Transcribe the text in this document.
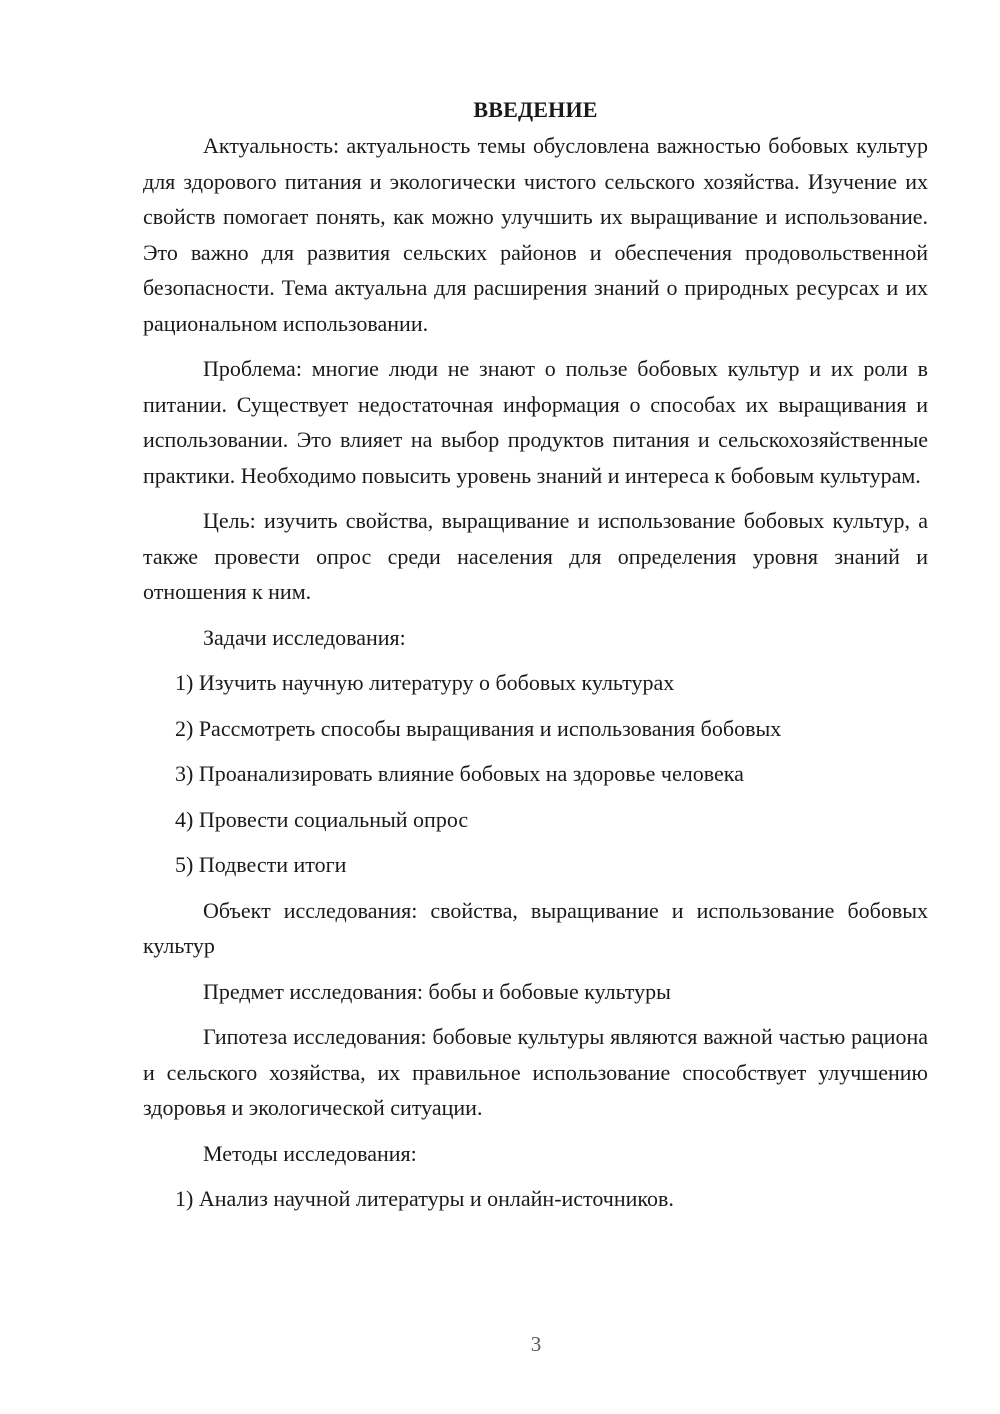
ВВЕДЕНИЕ

Актуальность: актуальность темы обусловлена важностью бобовых культур для здорового питания и экологически чистого сельского хозяйства. Изучение их свойств помогает понять, как можно улучшить их выращивание и использование. Это важно для развития сельских районов и обеспечения продовольственной безопасности. Тема актуальна для расширения знаний о природных ресурсах и их рациональном использовании.

Проблема: многие люди не знают о пользе бобовых культур и их роли в питании. Существует недостаточная информация о способах их выращивания и использовании. Это влияет на выбор продуктов питания и сельскохозяйственные практики. Необходимо повысить уровень знаний и интереса к бобовым культурам.

Цель: изучить свойства, выращивание и использование бобовых культур, а также провести опрос среди населения для определения уровня знаний и отношения к ним.

Задачи исследования:

1) Изучить научную литературу о бобовых культурах

2) Рассмотреть способы выращивания и использования бобовых

3) Проанализировать влияние бобовых на здоровье человека

4) Провести социальный опрос

5) Подвести итоги

Объект исследования: свойства, выращивание и использование бобовых культур

Предмет исследования: бобы и бобовые культуры

Гипотеза исследования: бобовые культуры являются важной частью рациона и сельского хозяйства, их правильное использование способствует улучшению здоровья и экологической ситуации.

Методы исследования:

1) Анализ научной литературы и онлайн-источников.

3
